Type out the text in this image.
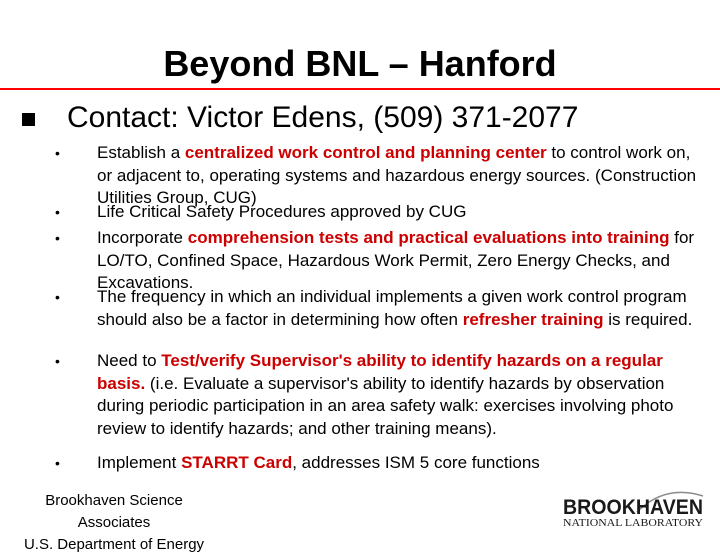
Beyond BNL – Hanford
Contact: Victor Edens, (509) 371-2077
• Establish a centralized work control and planning center to control work on, or adjacent to, operating systems and hazardous energy sources. (Construction Utilities Group, CUG)
• Life Critical Safety Procedures approved by CUG
• Incorporate comprehension tests and practical evaluations into training for LO/TO, Confined Space, Hazardous Work Permit, Zero Energy Checks, and Excavations.
• The frequency in which an individual implements a given work control program should also be a factor in determining how often refresher training is required.
• Need to Test/verify Supervisor's ability to identify hazards on a regular basis. (i.e. Evaluate a supervisor's ability to identify hazards by observation during periodic participation in an area safety walk: exercises involving photo review to identify hazards; and other training means).
• Implement STARRT Card, addresses ISM 5 core functions
Brookhaven Science
Associates
U.S. Department of Energy
BROOKHAVEN
NATIONAL LABORATORY
